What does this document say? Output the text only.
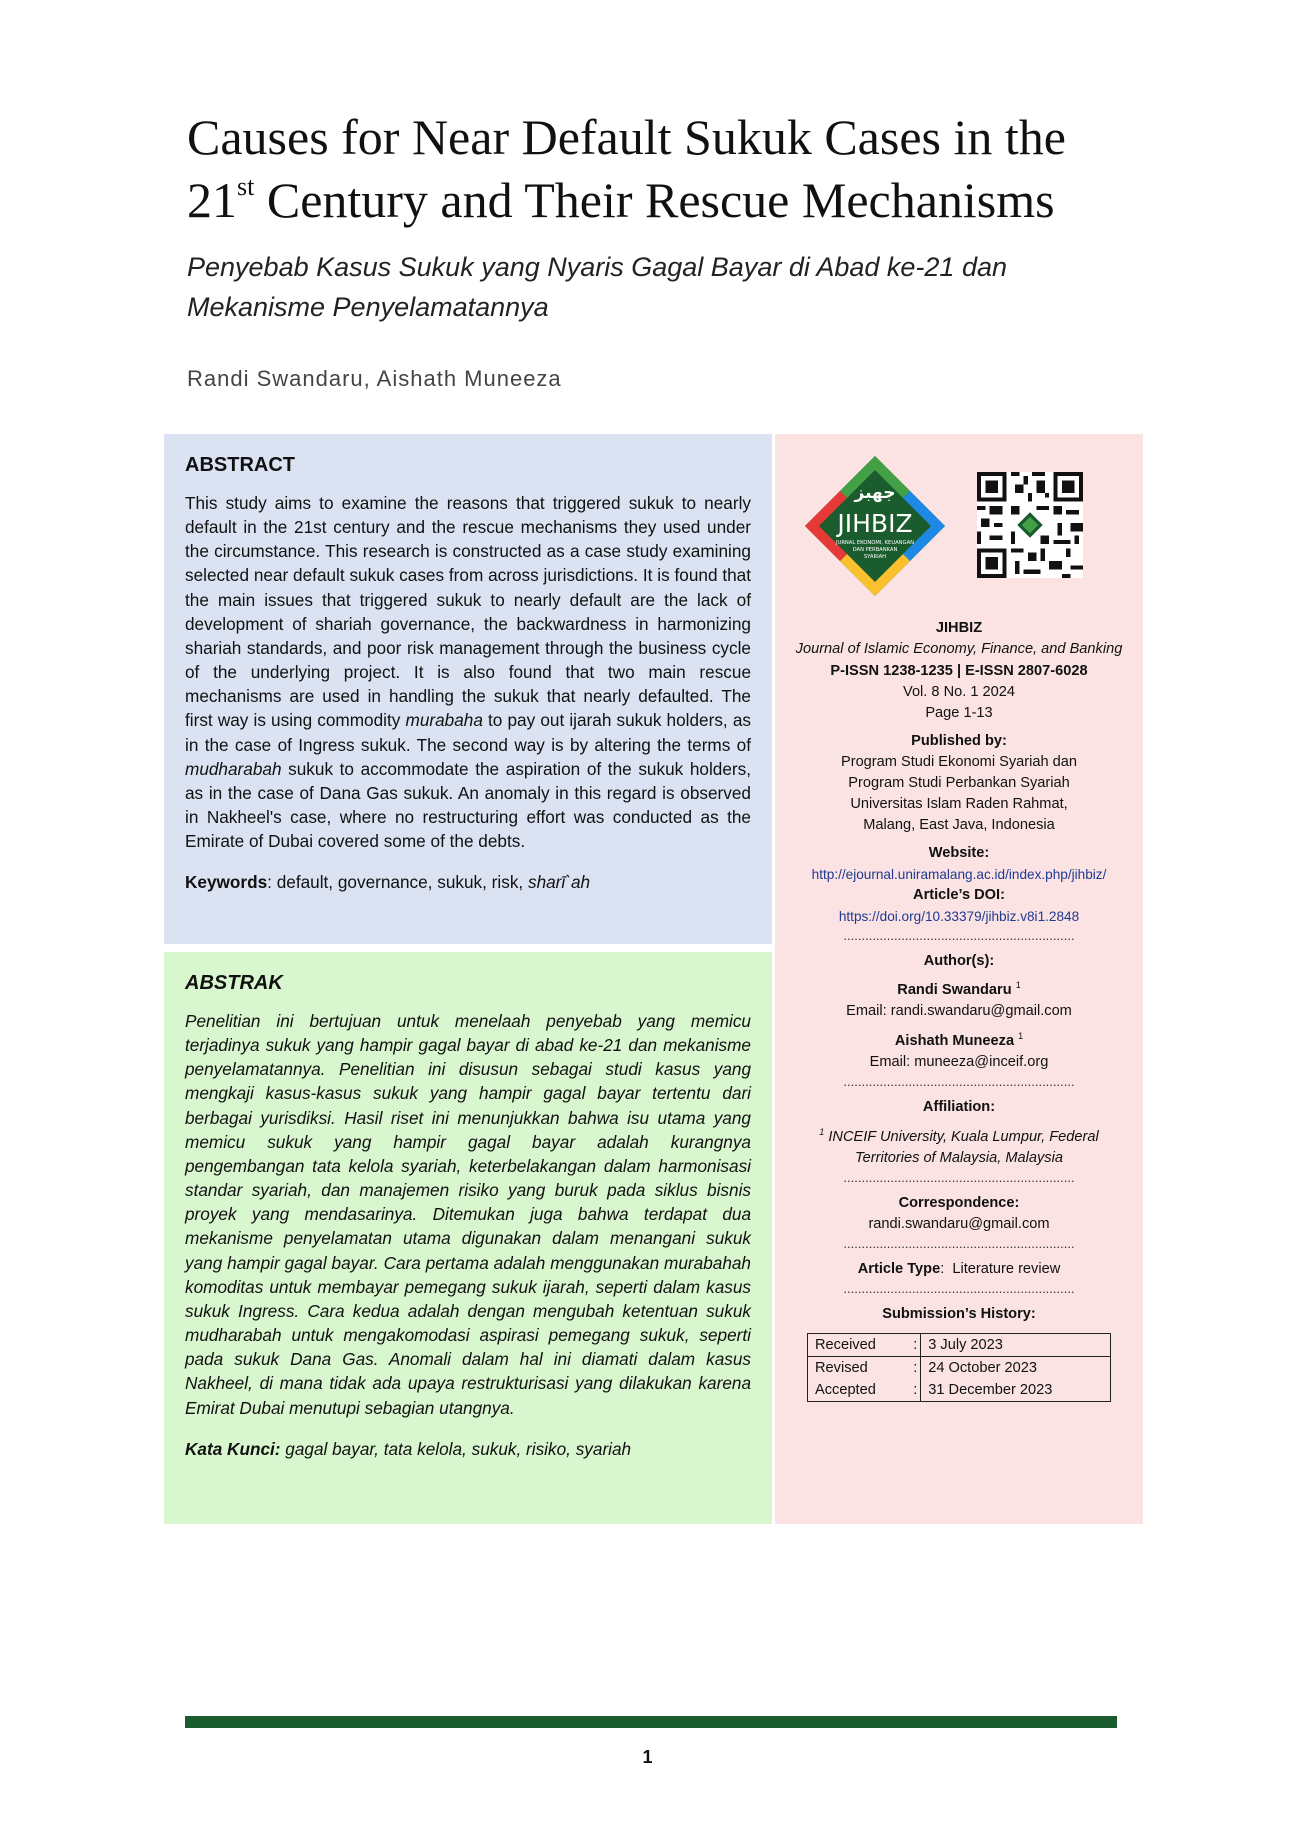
Causes for Near Default Sukuk Cases in the
21st Century and Their Rescue Mechanisms
Penyebab Kasus Sukuk yang Nyaris Gagal Bayar di Abad ke-21 dan
Mekanisme Penyelamatannya
Randi Swandaru, Aishath Muneeza
ABSTRACT

This study aims to examine the reasons that triggered sukuk to nearly default in the 21st century and the rescue mechanisms they used under the circumstance. This research is constructed as a case study examining selected near default sukuk cases from across jurisdictions. It is found that the main issues that triggered sukuk to nearly default are the lack of development of shariah governance, the backwardness in harmonizing shariah standards, and poor risk management through the business cycle of the underlying project. It is also found that two main rescue mechanisms are used in handling the sukuk that nearly defaulted. The first way is using commodity murabaha to pay out ijarah sukuk holders, as in the case of Ingress sukuk. The second way is by altering the terms of mudharabah sukuk to accommodate the aspiration of the sukuk holders, as in the case of Dana Gas sukuk. An anomaly in this regard is observed in Nakheel's case, where no restructuring effort was conducted as the Emirate of Dubai covered some of the debts.

Keywords: default, governance, sukuk, risk, sharī`ah
ABSTRAK

Penelitian ini bertujuan untuk menelaah penyebab yang memicu terjadinya sukuk yang hampir gagal bayar di abad ke-21 dan mekanisme penyelamatannya. Penelitian ini disusun sebagai studi kasus yang mengkaji kasus-kasus sukuk yang hampir gagal bayar tertentu dari berbagai yurisdiksi. Hasil riset ini menunjukkan bahwa isu utama yang memicu sukuk yang hampir gagal bayar adalah kurangnya pengembangan tata kelola syariah, keterbelakangan dalam harmonisasi standar syariah, dan manajemen risiko yang buruk pada siklus bisnis proyek yang mendasarinya. Ditemukan juga bahwa terdapat dua mekanisme penyelamatan utama digunakan dalam menangani sukuk yang hampir gagal bayar. Cara pertama adalah menggunakan murabahah komoditas untuk membayar pemegang sukuk ijarah, seperti dalam kasus sukuk Ingress. Cara kedua adalah dengan mengubah ketentuan sukuk mudharabah untuk mengakomodasi aspirasi pemegang sukuk, seperti pada sukuk Dana Gas. Anomali dalam hal ini diamati dalam kasus Nakheel, di mana tidak ada upaya restrukturisasi yang dilakukan karena Emirat Dubai menutupi sebagian utangnya.

Kata Kunci: gagal bayar, tata kelola, sukuk, risiko, syariah
جهبز
JIHBIZ
JURNAL EKONOMI, KEUANGAN
DAN PERBANKAN
SYARIAH
JIHBIZ
Journal of Islamic Economy, Finance, and Banking
P-ISSN 1238-1235 | E-ISSN 2807-6028
Vol. 8 No. 1 2024
Page 1-13
Published by:
Program Studi Ekonomi Syariah dan
Program Studi Perbankan Syariah
Universitas Islam Raden Rahmat,
Malang, East Java, Indonesia
Website:
http://ejournal.uniramalang.ac.id/index.php/jihbiz/
Article’s DOI:
https://doi.org/10.33379/jihbiz.v8i1.2848
................................................................
Author(s):
Randi Swandaru $^1$
Email: randi.swandaru@gmail.com
Aishath Muneeza $^1$
Email: muneeza@inceif.org
................................................................
Affiliation:
$^1$ INCEIF University, Kuala Lumpur, Federal
Territories of Malaysia, Malaysia
................................................................
Correspondence:
randi.swandaru@gmail.com
................................................................
Article Type:  Literature review
................................................................
Submission’s History:
Received	:	3 July 2023
Revised	:	24 October 2023
Accepted	:	31 December 2023
1
